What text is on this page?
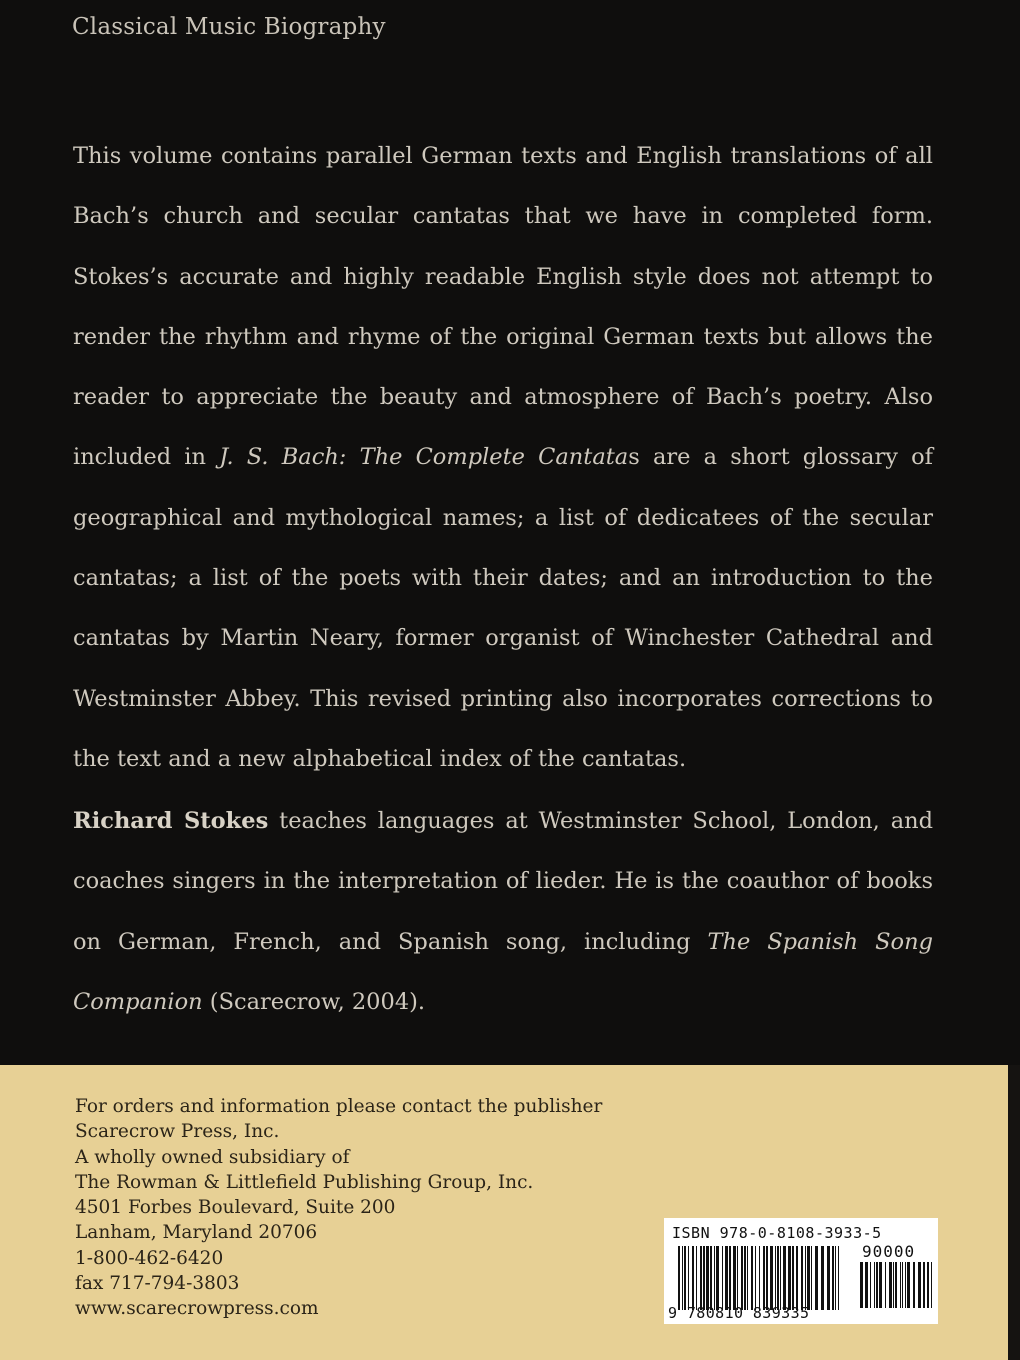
Classical Music Biography

This volume contains parallel German texts and English translations of all Bach’s church and secular cantatas that we have in completed form. Stokes’s accurate and highly readable English style does not attempt to render the rhythm and rhyme of the original German texts but allows the reader to appreciate the beauty and atmosphere of Bach’s poetry. Also included in J. S. Bach: The Complete Cantatas are a short glossary of geographical and mythological names; a list of dedicatees of the secular cantatas; a list of the poets with their dates; and an introduction to the cantatas by Martin Neary, former organist of Winchester Cathedral and Westminster Abbey. This revised printing also incorporates corrections to the text and a new alphabetical index of the cantatas.

Richard Stokes teaches languages at Westminster School, London, and coaches singers in the interpretation of lieder. He is the coauthor of books on German, French, and Spanish song, including The Spanish Song Companion (Scarecrow, 2004).

For orders and information please contact the publisher
Scarecrow Press, Inc.
A wholly owned subsidiary of
The Rowman & Littlefield Publishing Group, Inc.
4501 Forbes Boulevard, Suite 200
Lanham, Maryland 20706
1-800-462-6420
fax 717-794-3803
www.scarecrowpress.com
ISBN 978-0-8108-3933-5
90000
9 780810 839335
